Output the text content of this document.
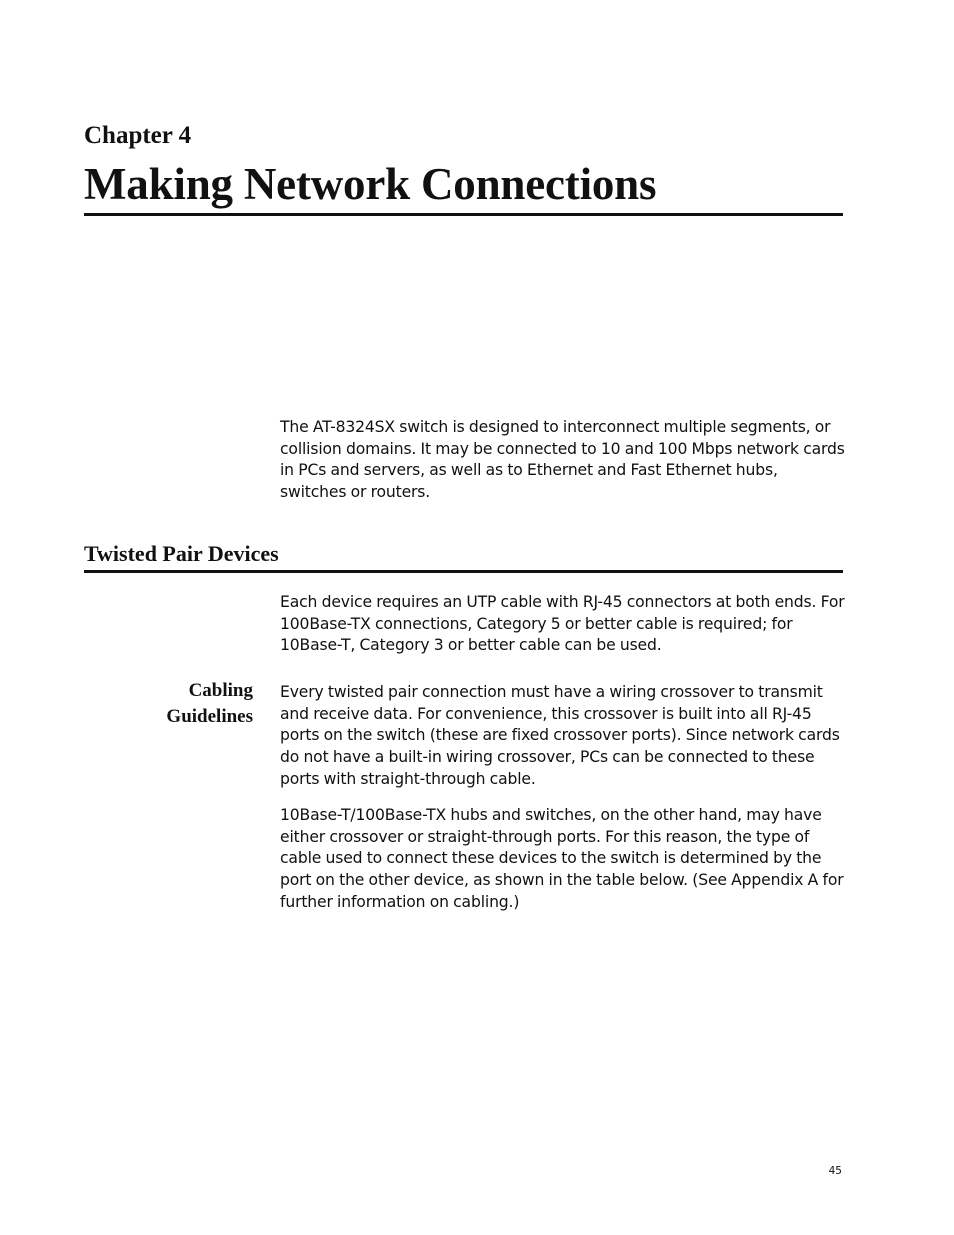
Chapter 4
Making Network Connections

The AT-8324SX switch is designed to interconnect multiple segments, or collision domains. It may be connected to 10 and 100 Mbps network cards in PCs and servers, as well as to Ethernet and Fast Ethernet hubs, switches or routers.

Twisted Pair Devices

Each device requires an UTP cable with RJ-45 connectors at both ends. For 100Base-TX connections, Category 5 or better cable is required; for 10Base-T, Category 3 or better cable can be used.

Cabling
Guidelines

Every twisted pair connection must have a wiring crossover to transmit and receive data. For convenience, this crossover is built into all RJ-45 ports on the switch (these are fixed crossover ports). Since network cards do not have a built-in wiring crossover, PCs can be connected to these ports with straight-through cable.

10Base-T/100Base-TX hubs and switches, on the other hand, may have either crossover or straight-through ports. For this reason, the type of cable used to connect these devices to the switch is determined by the port on the other device, as shown in the table below. (See Appendix A for further information on cabling.)

45
